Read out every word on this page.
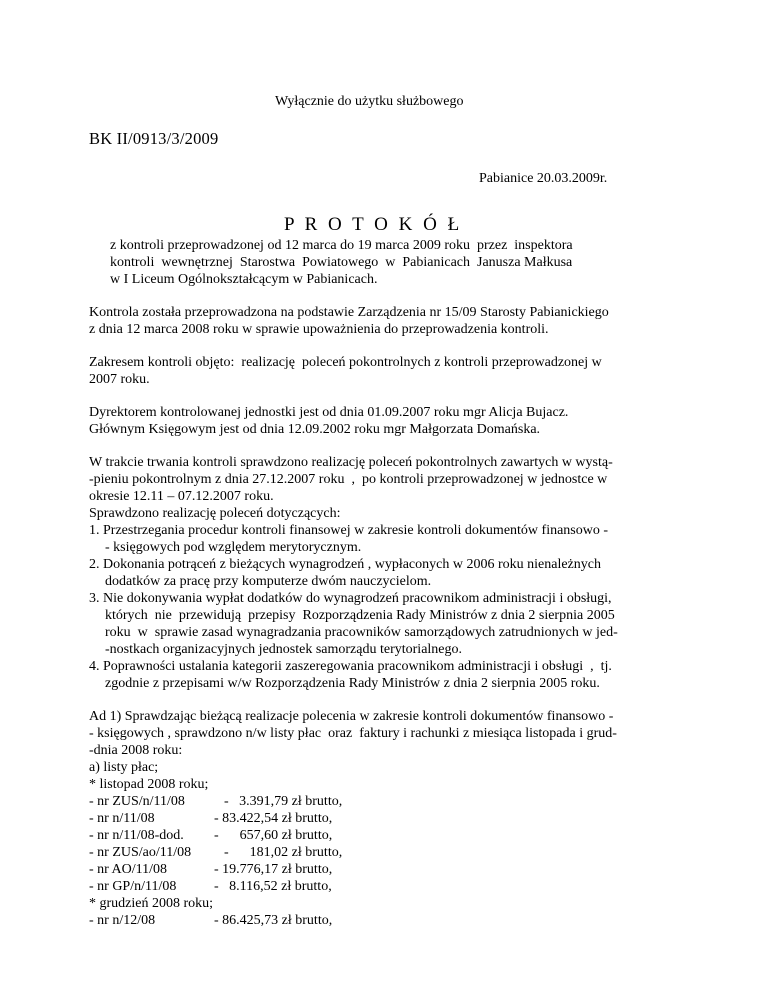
Wyłącznie do użytku służbowego
BK II/0913/3/2009
Pabianice 20.03.2009r.
P R O T O K Ó Ł
z kontroli przeprowadzonej od 12 marca do 19 marca 2009 roku  przez  inspektora
kontroli  wewnętrznej  Starostwa  Powiatowego  w  Pabianicach  Janusza Małkusa
w I Liceum Ogólnokształcącym w Pabianicach.
Kontrola została przeprowadzona na podstawie Zarządzenia nr 15/09 Starosty Pabianickiego
z dnia 12 marca 2008 roku w sprawie upoważnienia do przeprowadzenia kontroli.
Zakresem kontroli objęto:  realizację  poleceń pokontrolnych z kontroli przeprowadzonej w
2007 roku.
Dyrektorem kontrolowanej jednostki jest od dnia 01.09.2007 roku mgr Alicja Bujacz.
Głównym Księgowym jest od dnia 12.09.2002 roku mgr Małgorzata Domańska.
W trakcie trwania kontroli sprawdzono realizację poleceń pokontrolnych zawartych w wystą-
-pieniu pokontrolnym z dnia 27.12.2007 roku  ,  po kontroli przeprowadzonej w jednostce w
okresie 12.11 – 07.12.2007 roku.
Sprawdzono realizację poleceń dotyczących:
1. Przestrzegania procedur kontroli finansowej w zakresie kontroli dokumentów finansowo -
- księgowych pod względem merytorycznym.
2. Dokonania potrąceń z bieżących wynagrodzeń , wypłaconych w 2006 roku nienależnych
dodatków za pracę przy komputerze dwóm nauczycielom.
3. Nie dokonywania wypłat dodatków do wynagrodzeń pracownikom administracji i obsługi,
których  nie  przewidują  przepisy  Rozporządzenia Rady Ministrów z dnia 2 sierpnia 2005
roku  w  sprawie zasad wynagradzania pracowników samorządowych zatrudnionych w jed-
-nostkach organizacyjnych jednostek samorządu terytorialnego.
4. Poprawności ustalania kategorii zaszeregowania pracownikom administracji i obsługi  ,  tj.
zgodnie z przepisami w/w Rozporządzenia Rady Ministrów z dnia 2 sierpnia 2005 roku.
Ad 1) Sprawdzając bieżącą realizacje polecenia w zakresie kontroli dokumentów finansowo -
- księgowych , sprawdzono n/w listy płac  oraz  faktury i rachunki z miesiąca listopada i grud-
-dnia 2008 roku:
a) listy płac;
* listopad 2008 roku;
- nr ZUS/n/11/08	-   3.391,79 zł brutto,
- nr n/11/08	- 83.422,54 zł brutto,
- nr n/11/08-dod. -      657,60 zł brutto,
- nr ZUS/ao/11/08 -      181,02 zł brutto,
- nr AO/11/08	- 19.776,17 zł brutto,
- nr GP/n/11/08	-   8.116,52 zł brutto,
* grudzień 2008 roku;
- nr n/12/08	- 86.425,73 zł brutto,
